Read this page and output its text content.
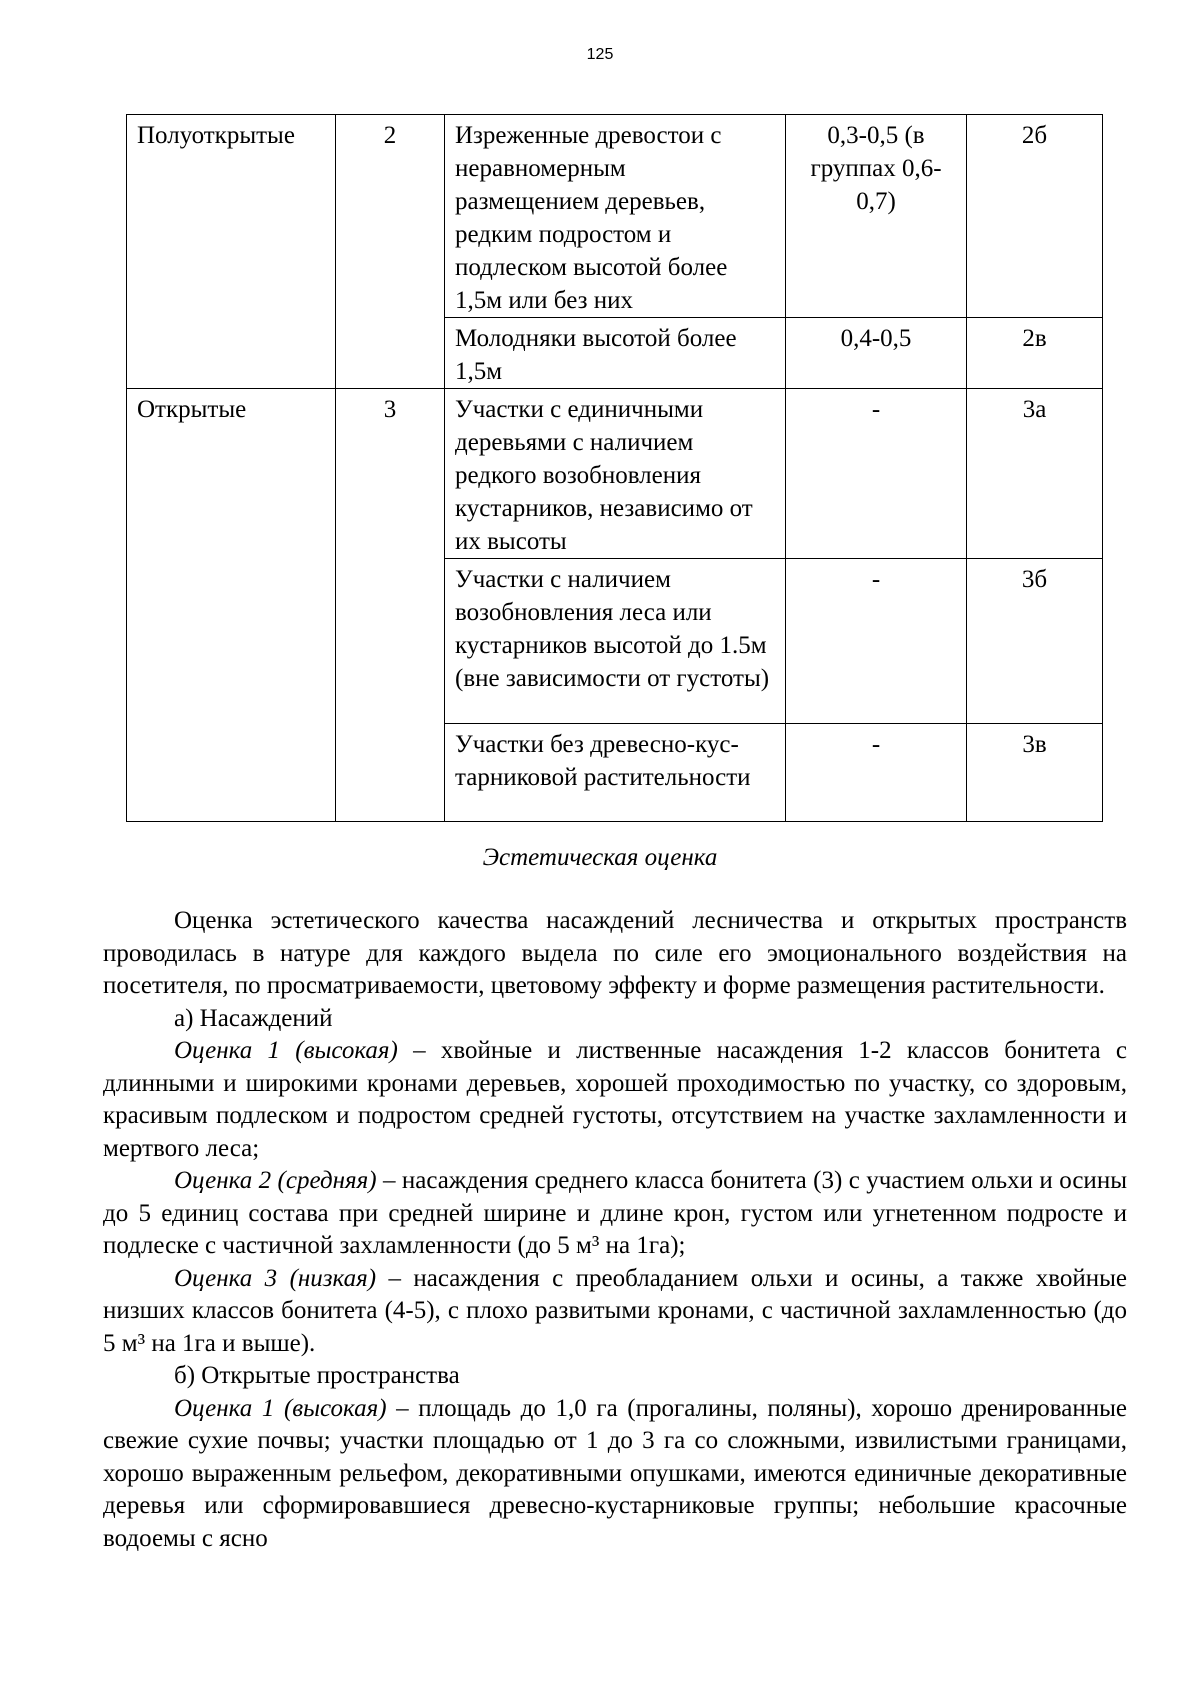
125
Полуоткрытые	2	Изреженные древостои с неравномерным размещением деревьев, редким подростом и подлеском высотой более 1,5м или без них	0,3-0,5 (в группах 0,6-0,7)	2б
		Молодняки высотой более 1,5м	0,4-0,5	2в
Открытые	3	Участки с единичными деревьями с наличием редкого возобновления кустарников, независимо от их высоты	-	3а
		Участки с наличием возобновления леса или кустарников высотой до 1.5м (вне зависимости от густоты)	-	3б
		Участки без древесно-кус-тарниковой растительности	-	3в
Эстетическая оценка

Оценка эстетического качества насаждений лесничества и открытых пространств проводилась в натуре для каждого выдела по силе его эмоционального воздействия на посетителя, по просматриваемости, цветовому эффекту и форме размещения растительности.

а) Насаждений

Оценка 1 (высокая) – хвойные и лиственные насаждения 1-2 классов бонитета с длинными и широкими кронами деревьев, хорошей проходимостью по участку, со здоровым, красивым подлеском и подростом средней густоты, отсутствием на участке захламленности и мертвого леса;

Оценка 2 (средняя) – насаждения среднего класса бонитета (3) с участием ольхи и осины до 5 единиц состава при средней ширине и длине крон, густом или угнетенном подросте и подлеске с частичной захламленности (до 5 м³ на 1га);

Оценка 3 (низкая) – насаждения с преобладанием ольхи и осины, а также хвойные низших классов бонитета (4-5), с плохо развитыми кронами, с частичной захламленностью (до 5 м³ на 1га и выше).

б) Открытые пространства

Оценка 1 (высокая) – площадь до 1,0 га (прогалины, поляны), хорошо дренированные свежие сухие почвы; участки площадью от 1 до 3 га со сложными, извилистыми границами, хорошо выраженным рельефом, декоративными опушками, имеются единичные декоративные деревья или сформировавшиеся древесно-кустарниковые группы; небольшие красочные водоемы с ясно
